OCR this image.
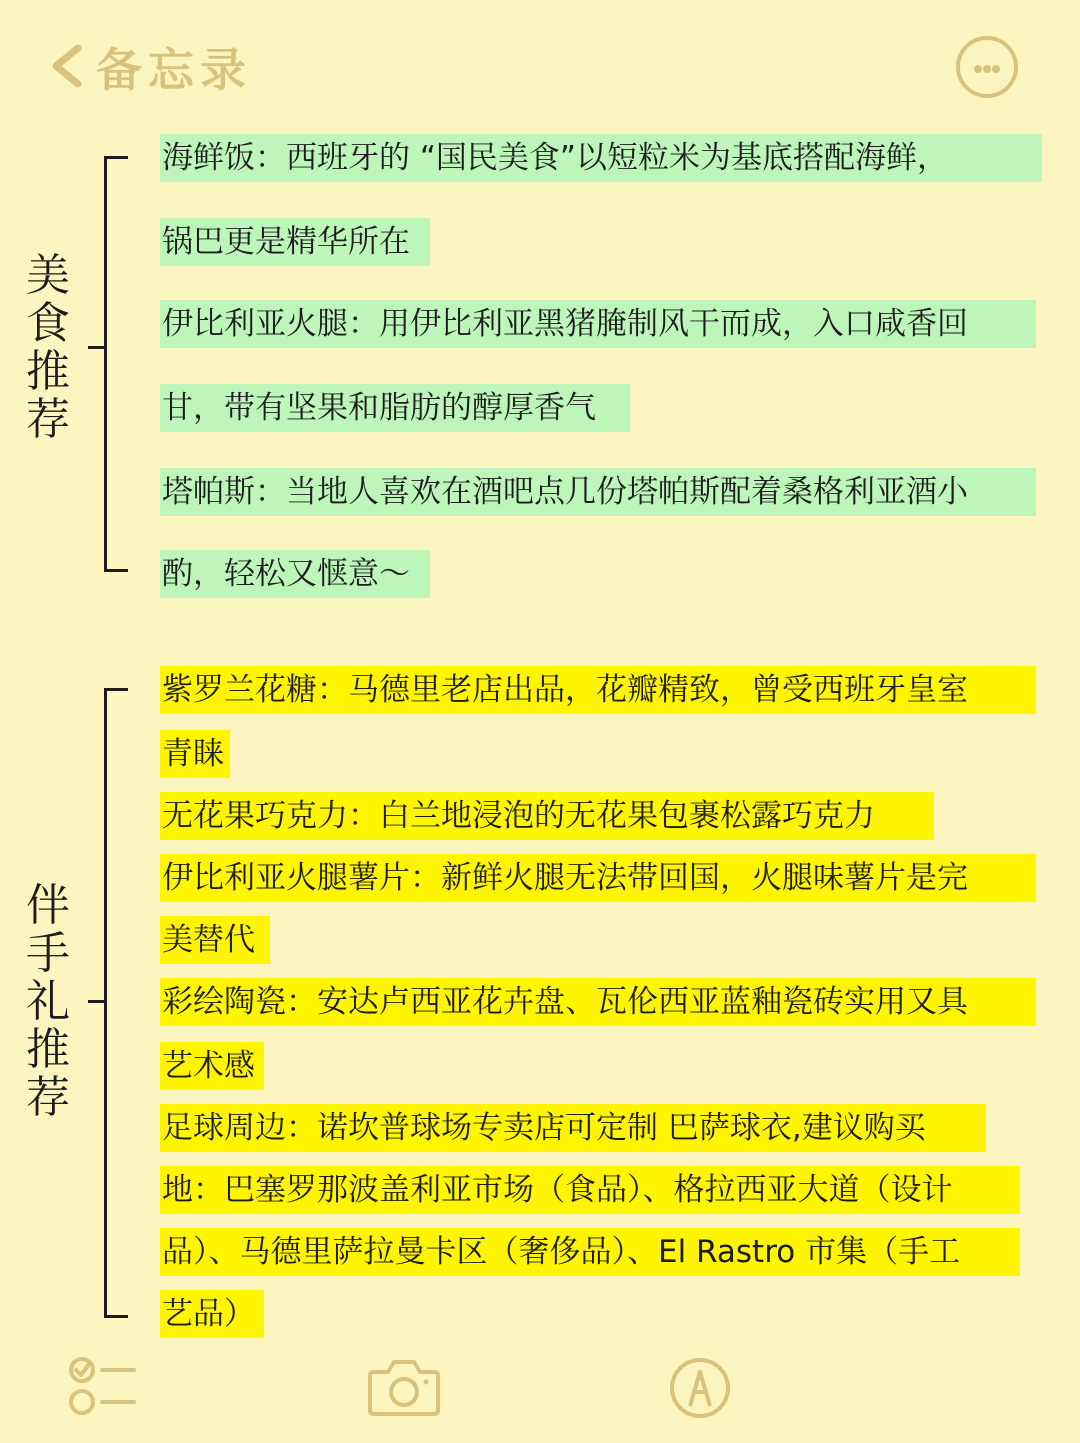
备忘录
美
食
推
荐
海鲜饭：西班牙的 “国民美食”以短粒米为基底搭配海鲜，
锅巴更是精华所在
伊比利亚火腿：用伊比利亚黑猪腌制风干而成，入口咸香回
甘，带有坚果和脂肪的醇厚香气
塔帕斯：当地人喜欢在酒吧点几份塔帕斯配着桑格利亚酒小
酌，轻松又惬意～
伴
手
礼
推
荐
紫罗兰花糖：马德里老店出品，花瓣精致，曾受西班牙皇室
青睐
无花果巧克力：白兰地浸泡的无花果包裹松露巧克力
伊比利亚火腿薯片：新鲜火腿无法带回国，火腿味薯片是完
美替代
彩绘陶瓷：安达卢西亚花卉盘、瓦伦西亚蓝釉瓷砖实用又具
艺术感
足球周边：诺坎普球场专卖店可定制 巴萨球衣,建议购买
地：巴塞罗那波盖利亚市场（食品）、格拉西亚大道（设计
品）、马德里萨拉曼卡区（奢侈品）、El Rastro 市集（手工
艺品）
